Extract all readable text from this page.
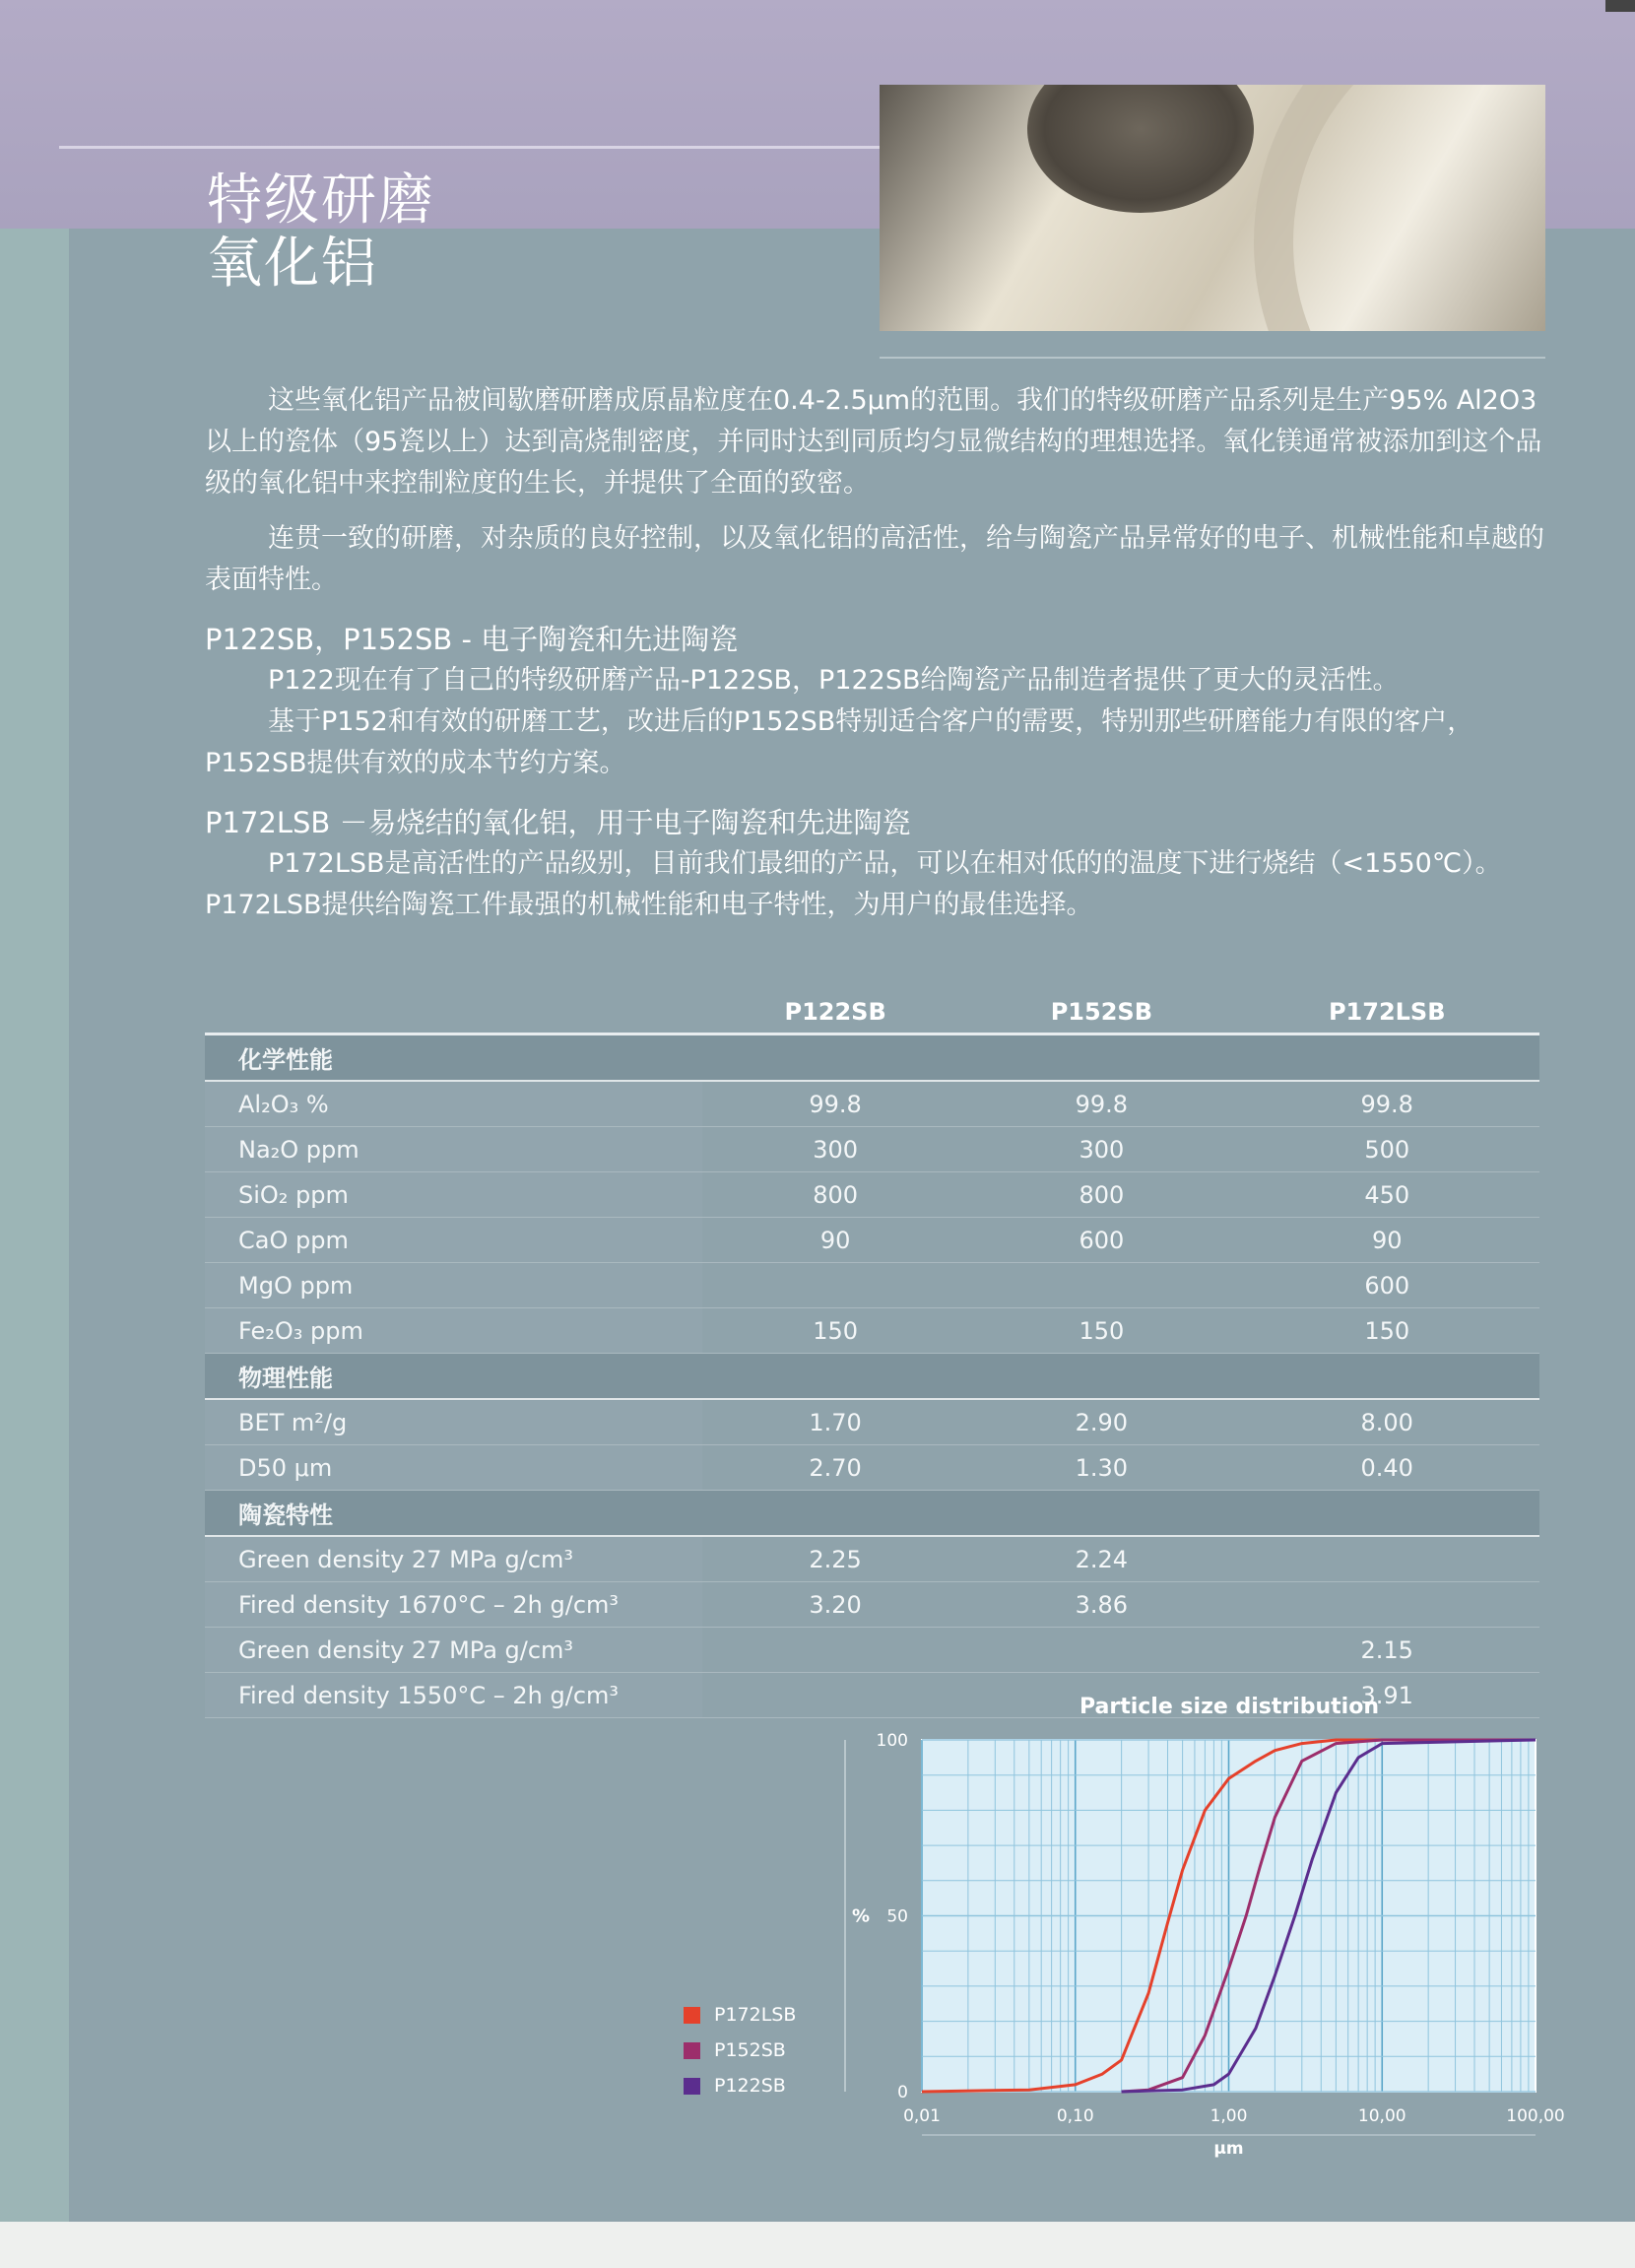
特级研磨
氧化铝

这些氧化铝产品被间歇磨研磨成原晶粒度在0.4-2.5μm的范围。我们的特级研磨产品系列是生产95% Al2O3以上的瓷体（95瓷以上）达到高烧制密度，并同时达到同质均匀显微结构的理想选择。氧化镁通常被添加到这个品级的氧化铝中来控制粒度的生长，并提供了全面的致密。

连贯一致的研磨，对杂质的良好控制，以及氧化铝的高活性，给与陶瓷产品异常好的电子、机械性能和卓越的表面特性。

P122SB，P152SB - 电子陶瓷和先进陶瓷

P122现在有了自己的特级研磨产品-P122SB，P122SB给陶瓷产品制造者提供了更大的灵活性。

基于P152和有效的研磨工艺，改进后的P152SB特别适合客户的需要，特别那些研磨能力有限的客户，P152SB提供有效的成本节约方案。

P172LSB －易烧结的氧化铝，用于电子陶瓷和先进陶瓷

P172LSB是高活性的产品级别，目前我们最细的产品，可以在相对低的的温度下进行烧结（<1550℃）。P172LSB提供给陶瓷工件最强的机械性能和电子特性，为用户的最佳选择。

	P122SB	P152SB	P172LSB
化学性能			
Al₂O₃ %	99.8	99.8	99.8
Na₂O ppm	300	300	500
SiO₂ ppm	800	800	450
CaO ppm	90	600	90
MgO ppm			600
Fe₂O₃ ppm	150	150	150
物理性能			
BET m²/g	1.70	2.90	8.00
D50 μm	2.70	1.30	0.40
陶瓷特性			
Green density 27 MPa g/cm³	2.25	2.24	
Fired density 1670°C – 2h g/cm³	3.20	3.86	
Green density 27 MPa g/cm³			2.15
Fired density 1550°C – 2h g/cm³			3.91
Particle size distribution
0
50
100
%
0,01	0,10	1,00	10,00	100,00
μm
P172LSB
P152SB
P122SB
